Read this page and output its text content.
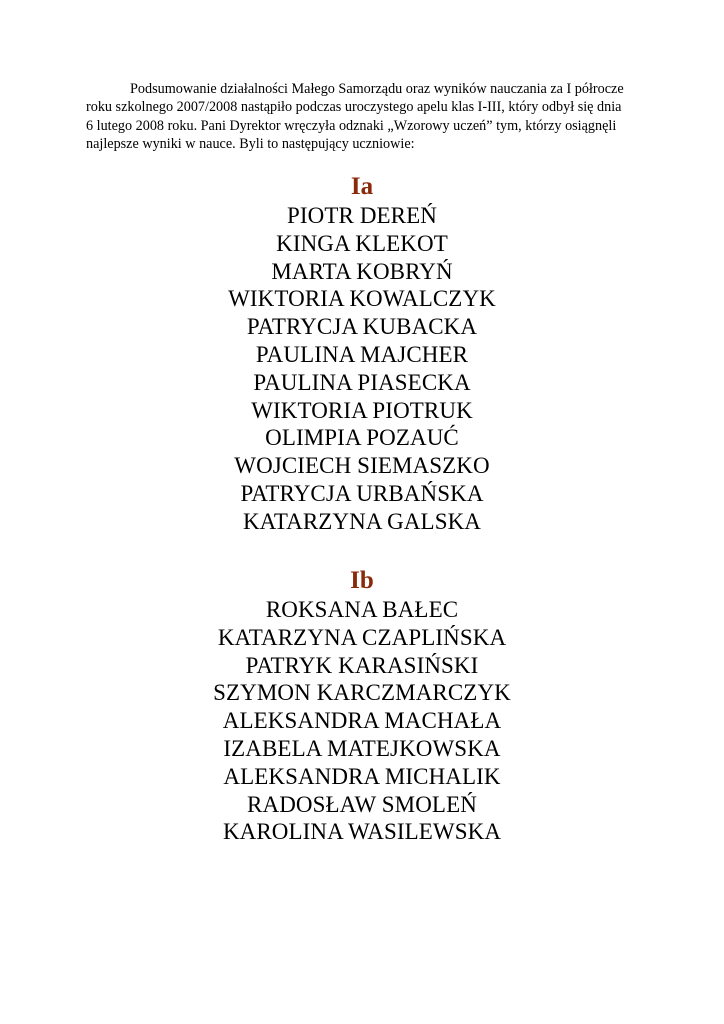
Podsumowanie działalności Małego Samorządu oraz wyników nauczania za I półrocze
roku szkolnego 2007/2008 nastąpiło podczas uroczystego apelu klas I-III, który odbył się dnia
6 lutego 2008 roku. Pani Dyrektor wręczyła odznaki „Wzorowy uczeń” tym, którzy osiągnęli
najlepsze wyniki w nauce. Byli to następujący uczniowie:

Ia
PIOTR DEREŃ
KINGA KLEKOT
MARTA KOBRYŃ
WIKTORIA KOWALCZYK
PATRYCJA KUBACKA
PAULINA MAJCHER
PAULINA PIASECKA
WIKTORIA PIOTRUK
OLIMPIA POZAUĆ
WOJCIECH SIEMASZKO
PATRYCJA URBAŃSKA
KATARZYNA GALSKA
Ib
ROKSANA BAŁEC
KATARZYNA CZAPLIŃSKA
PATRYK KARASIŃSKI
SZYMON KARCZMARCZYK
ALEKSANDRA MACHAŁA
IZABELA MATEJKOWSKA
ALEKSANDRA MICHALIK
RADOSŁAW SMOLEŃ
KAROLINA WASILEWSKA
